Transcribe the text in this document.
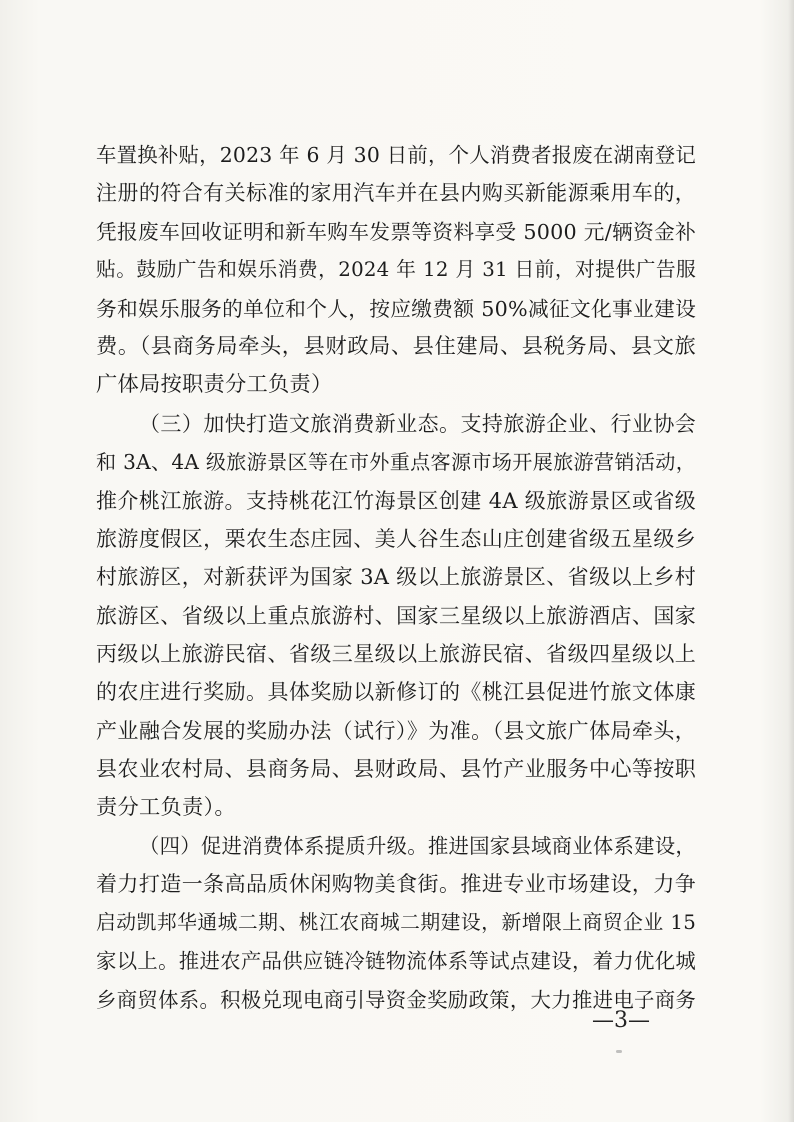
车置换补贴，2023 年 6 月 30 日前，个人消费者报废在湖南登记
注册的符合有关标准的家用汽车并在县内购买新能源乘用车的，
凭报废车回收证明和新车购车发票等资料享受 5000 元/辆资金补
贴。鼓励广告和娱乐消费，2024 年 12 月 31 日前，对提供广告服
务和娱乐服务的单位和个人，按应缴费额 50%减征文化事业建设
费。（县商务局牵头，县财政局、县住建局、县税务局、县文旅
广体局按职责分工负责）
（三）加快打造文旅消费新业态。支持旅游企业、行业协会
和 3A、4A 级旅游景区等在市外重点客源市场开展旅游营销活动，
推介桃江旅游。支持桃花江竹海景区创建 4A 级旅游景区或省级
旅游度假区，栗农生态庄园、美人谷生态山庄创建省级五星级乡
村旅游区，对新获评为国家 3A 级以上旅游景区、省级以上乡村
旅游区、省级以上重点旅游村、国家三星级以上旅游酒店、国家
丙级以上旅游民宿、省级三星级以上旅游民宿、省级四星级以上
的农庄进行奖励。具体奖励以新修订的《桃江县促进竹旅文体康
产业融合发展的奖励办法（试行）》为准。（县文旅广体局牵头，
县农业农村局、县商务局、县财政局、县竹产业服务中心等按职
责分工负责）。
（四）促进消费体系提质升级。推进国家县域商业体系建设，
着力打造一条高品质休闲购物美食街。推进专业市场建设，力争
启动凯邦华通城二期、桃江农商城二期建设，新增限上商贸企业 15
家以上。推进农产品供应链冷链物流体系等试点建设，着力优化城
乡商贸体系。积极兑现电商引导资金奖励政策，大力推进电子商务
—3—
